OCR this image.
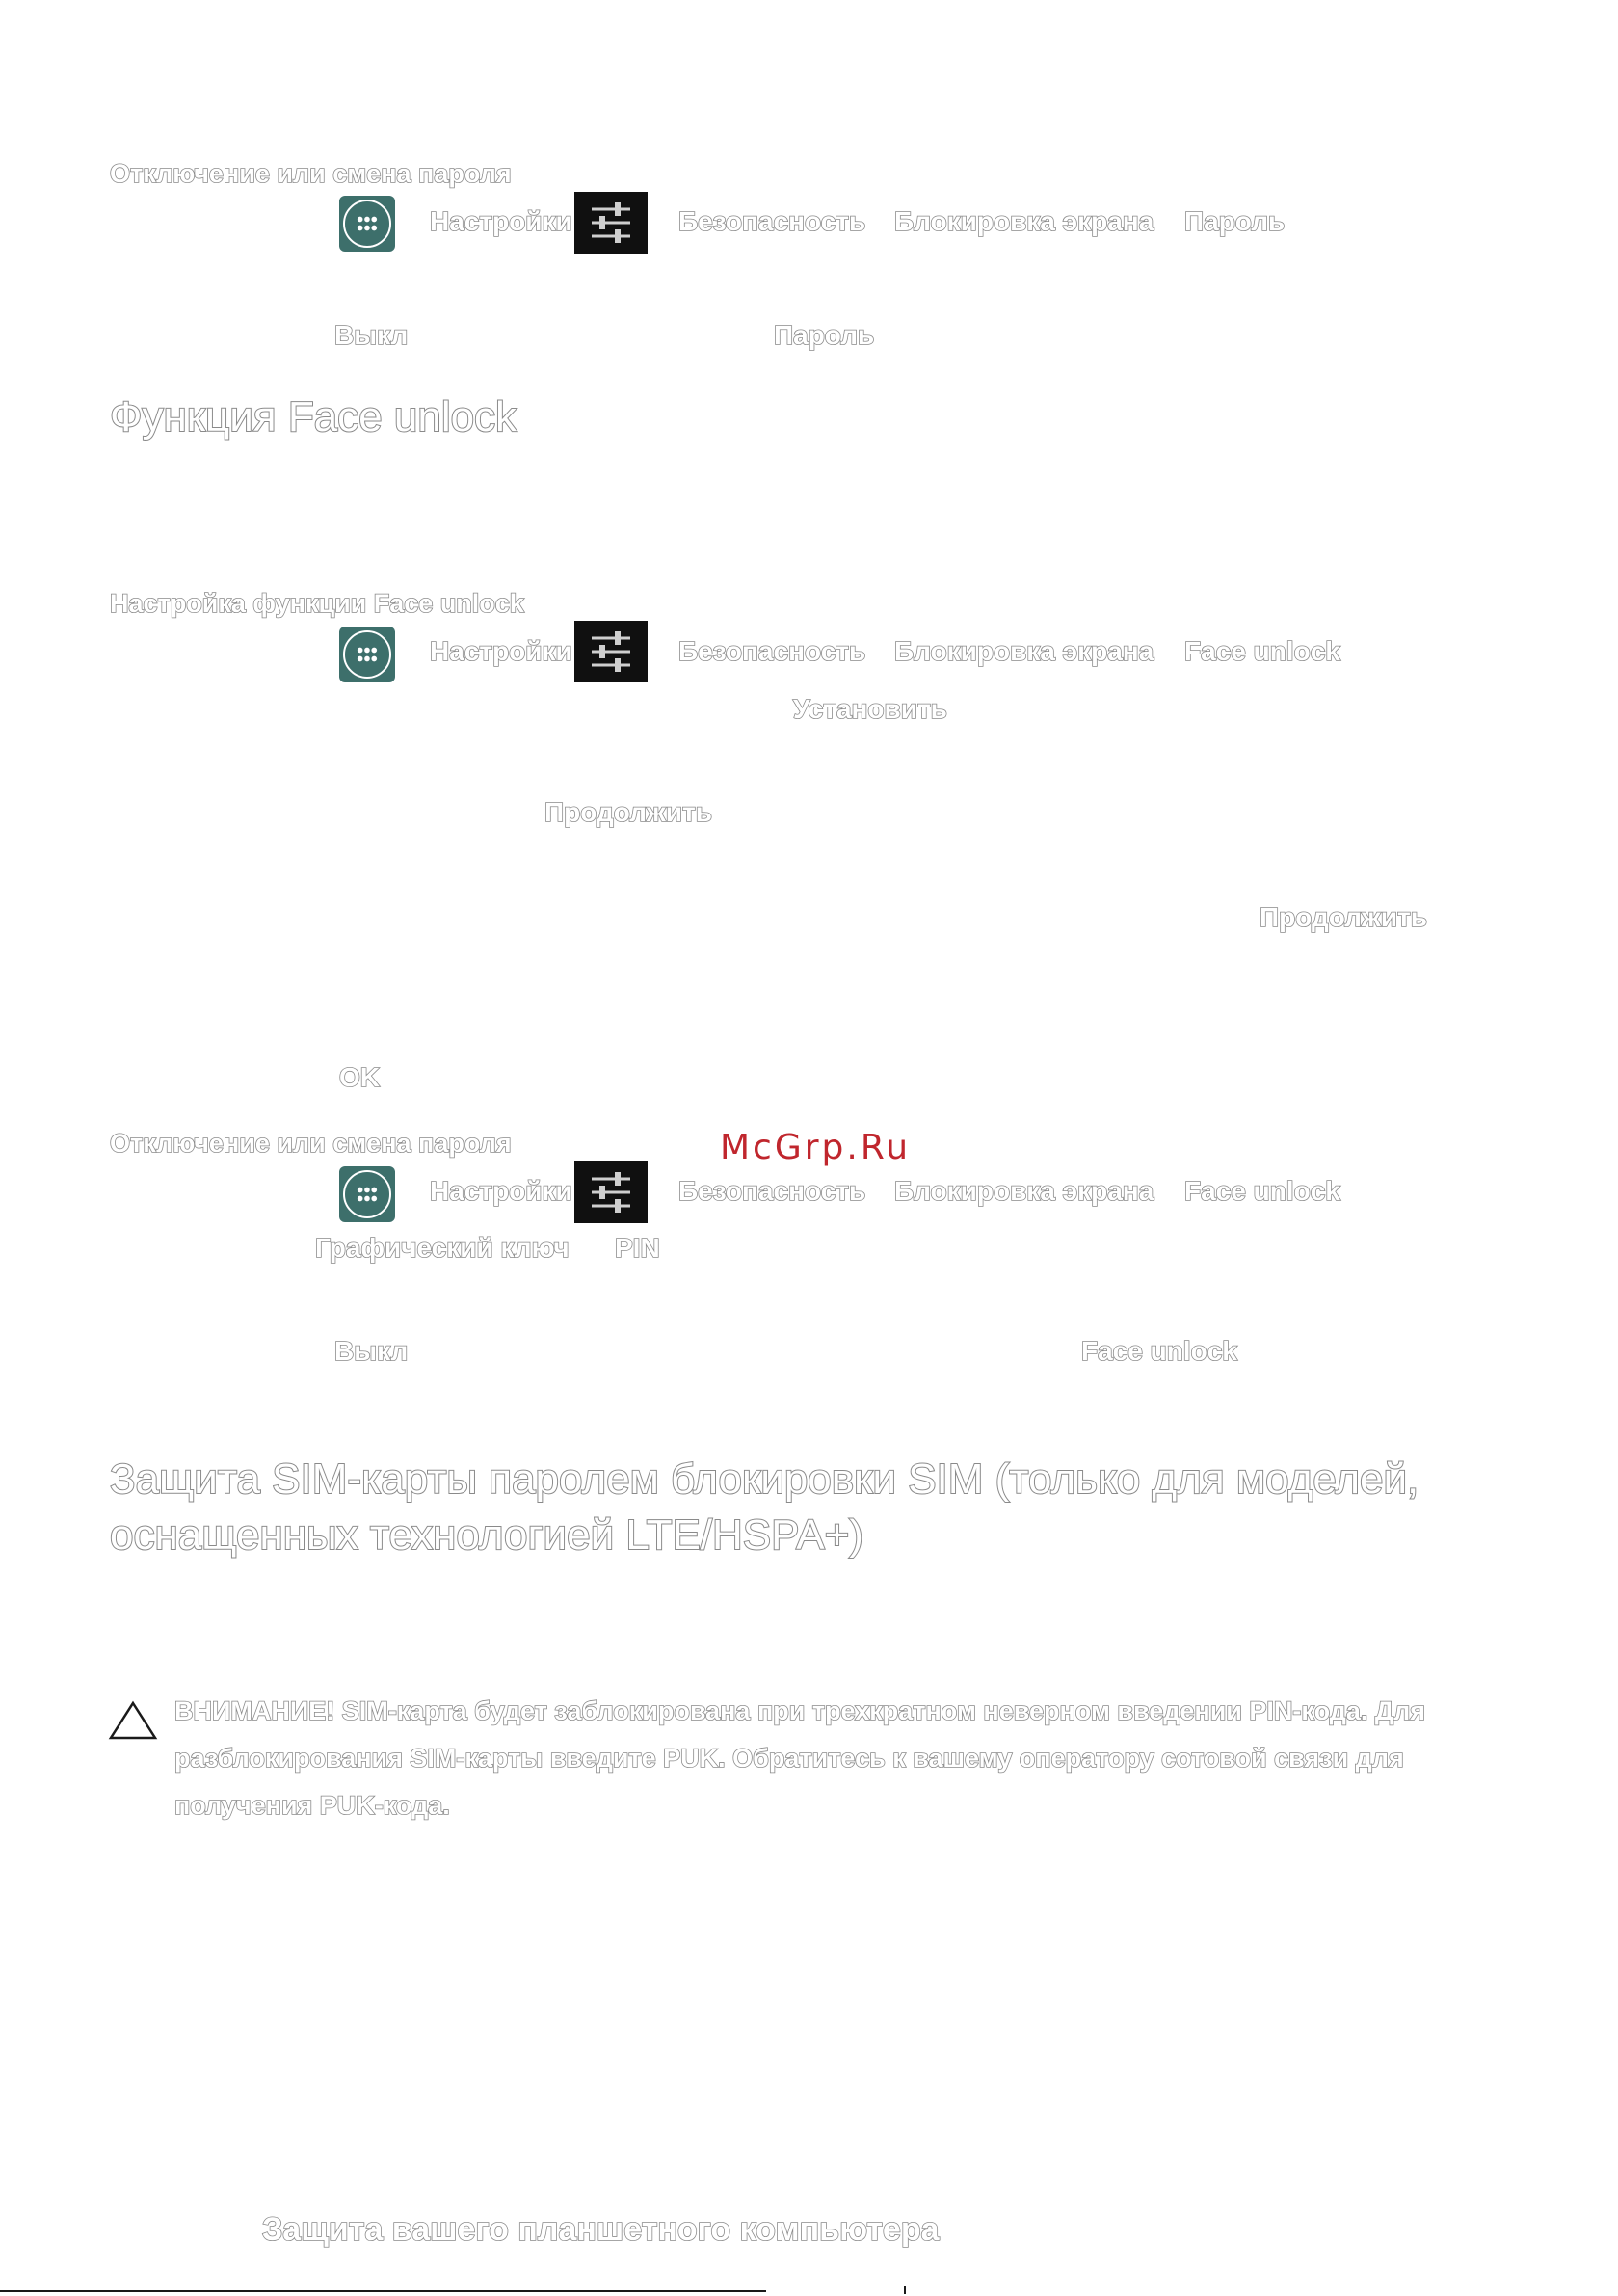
Отключение или смена пароля
Настройки	Безопасность Блокировка экрана Пароль
Выкл	Пароль
Функция Face unlock
Настройка функции Face unlock
Настройки	Безопасность Блокировка экрана Face unlock
Установить
Продолжить
Продолжить
OK
McGrp.Ru
Отключение или смена пароля
Настройки	Безопасность Блокировка экрана Face unlock
Графический ключ PIN
Выкл	Face unlock
Защита SIM-карты паролем блокировки SIM (только для моделей,
оснащенных технологией LTE/HSPA+)
ВНИМАНИЕ! SIM-карта будет заблокирована при трехкратном неверном введении PIN-кода. Для разблокирования SIM-карты введите PUK. Обратитесь к вашему оператору сотовой связи для получения PUK-кода.
Защита вашего планшетного компьютера
